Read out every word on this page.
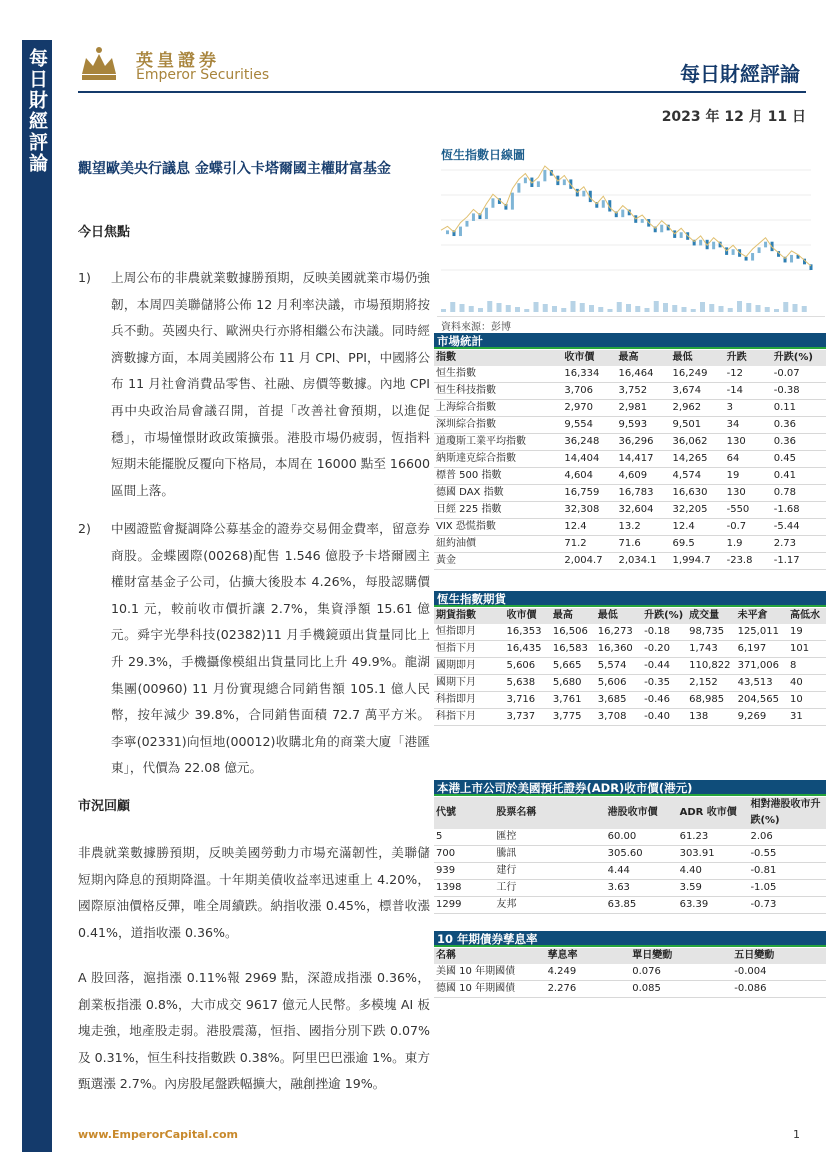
每日財經評論	英皇證券
Emperor Securities	每日財經評論
2023 年 12 月 11 日
觀望歐美央行議息 金蝶引入卡塔爾國主權財富基金
今日焦點
1) 上周公布的非農就業數據勝預期，反映美國就業市場仍強韌，本周四美聯儲將公佈 12 月利率決議，市場預期將按兵不動。英國央行、歐洲央行亦將相繼公布決議。同時經濟數據方面，本周美國將公布 11 月 CPI、PPI，中國將公布 11 月社會消費品零售、社融、房價等數據。內地 CPI 再中央政治局會議召開，首提「改善社會預期，以進促穩」，市場憧憬財政政策擴張。港股市場仍疲弱，恆指料短期未能擺脫反覆向下格局，本周在 16000 點至 16600 區間上落。
2) 中國證監會擬調降公募基金的證券交易佣金費率，留意券商股。金蝶國際(00268)配售 1.546 億股予卡塔爾國主權財富基金子公司，佔擴大後股本 4.26%，每股認購價 10.1 元，較前收市價折讓 2.7%，集資淨額 15.61 億元。舜宇光學科技(02382)11 月手機鏡頭出貨量同比上升 29.3%，手機攝像模組出貨量同比上升 49.9%。龍湖集團(00960) 11 月份實現總合同銷售額 105.1 億人民幣，按年減少 39.8%，合同銷售面積 72.7 萬平方米。李寧(02331)向恒地(00012)收購北角的商業大廈「港匯東」，代價為 22.08 億元。
市況回顧
非農就業數據勝預期，反映美國勞動力市場充滿韌性，美聯儲短期內降息的預期降溫。十年期美債收益率迅速重上 4.20%，國際原油價格反彈，唯全周續跌。納指收漲 0.45%，標普收漲 0.41%，道指收漲 0.36%。
A 股回落，滬指漲 0.11%報 2969 點，深證成指漲 0.36%，創業板指漲 0.8%，大市成交 9617 億元人民幣。多模塊 AI 板塊走強，地產股走弱。港股震蕩，恒指、國指分別下跌 0.07%及 0.31%，恒生科技指數跌 0.38%。阿里巴巴漲逾 1%。東方甄選漲 2.7%。內房股尾盤跌幅擴大，融創挫逾 19%。
恆生指數日線圖
資料來源：彭博
市場統計
指數	收市價	最高	最低	升跌	升跌(%)
恒生指數	16,334	16,464	16,249	-12	-0.07
恒生科技指數	3,706	3,752	3,674	-14	-0.38
上海綜合指數	2,970	2,981	2,962	3	0.11
深圳綜合指數	9,554	9,593	9,501	34	0.36
道瓊斯工業平均指數	36,248	36,296	36,062	130	0.36
納斯達克綜合指數	14,404	14,417	14,265	64	0.45
標普 500 指數	4,604	4,609	4,574	19	0.41
德國 DAX 指數	16,759	16,783	16,630	130	0.78
日經 225 指數	32,308	32,604	32,205	-550	-1.68
VIX 恐慌指數	12.4	13.2	12.4	-0.7	-5.44
紐約油價	71.2	71.6	69.5	1.9	2.73
黃金	2,004.7	2,034.1	1,994.7	-23.8	-1.17
恆生指數期貨
期貨指數	收市價	最高	最低	升跌(%)	成交量	未平倉	高低水
恒指即月	16,353	16,506	16,273	-0.18	98,735	125,011	19
恒指下月	16,435	16,583	16,360	-0.20	1,743	6,197	101
國期即月	5,606	5,665	5,574	-0.44	110,822	371,006	8
國期下月	5,638	5,680	5,606	-0.35	2,152	43,513	40
科指即月	3,716	3,761	3,685	-0.46	68,985	204,565	10
科指下月	3,737	3,775	3,708	-0.40	138	9,269	31
本港上市公司於美國預托證券(ADR)收市價(港元)
代號	股票名稱	港股收市價	ADR 收市價	相對港股收市升跌(%)
5	匯控	60.00	61.23	2.06
700	騰訊	305.60	303.91	-0.55
939	建行	4.44	4.40	-0.81
1398	工行	3.63	3.59	-1.05
1299	友邦	63.85	63.39	-0.73
10 年期債券孳息率
名稱	孳息率	單日變動	五日變動
美國 10 年期國債	4.249	0.076	-0.004
德國 10 年期國債	2.276	0.085	-0.086
www.EmperorCapital.com	1
